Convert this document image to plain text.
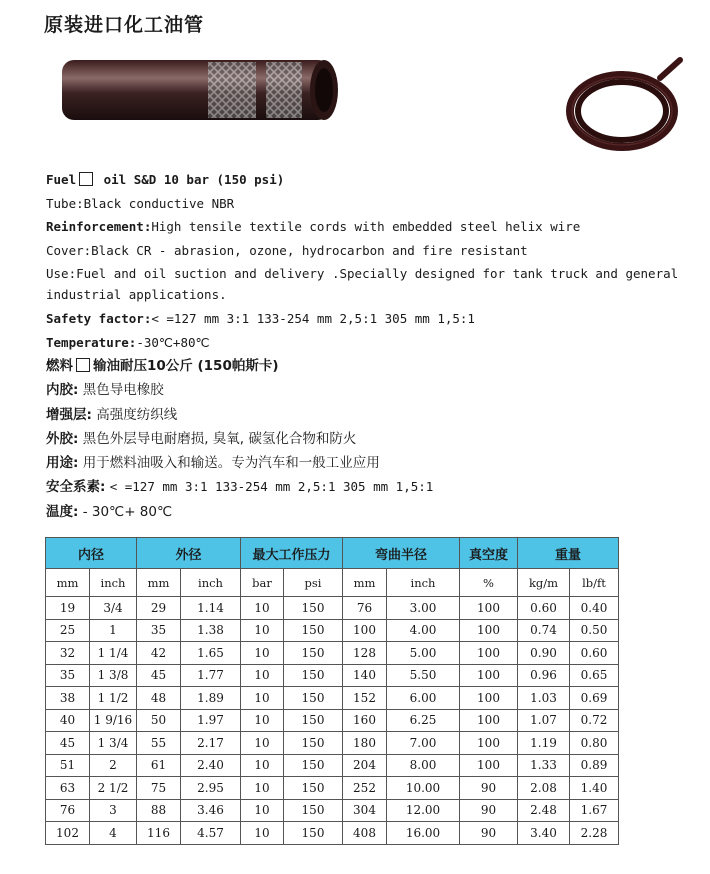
原装进口化工油管
Fuel oil S&D 10 bar (150 psi)
Tube:Black conductive NBR
Reinforcement:High tensile textile cords with embedded steel helix wire
Cover:Black CR - abrasion, ozone, hydrocarbon and fire resistant
Use:Fuel and oil suction and delivery .Specially designed for tank truck and general industrial applications.
Safety factor:< =127 mm 3:1 133-254 mm 2,5:1 305 mm 1,5:1
Temperature:-30℃+80℃
燃料 输油耐压10公斤 (150帕斯卡)
内胶: 黑色导电橡胶
增强层: 高强度纺织线
外胶: 黑色外层导电耐磨损, 臭氧, 碳氢化合物和防火
用途: 用于燃料油吸入和输送。专为汽车和一般工业应用
安全系素: < =127 mm 3:1 133-254 mm 2,5:1 305 mm 1,5:1
温度: - 30℃+ 80℃
内径		外径		最大工作压力		弯曲半径		真空度	重量	
mm	inch	mm	inch	bar	psi	mm	inch	%	kg/m	lb/ft
19	3/4	29	1.14	10	150	76	3.00	100	0.60	0.40
25	1	35	1.38	10	150	100	4.00	100	0.74	0.50
32	1 1/4	42	1.65	10	150	128	5.00	100	0.90	0.60
35	1 3/8	45	1.77	10	150	140	5.50	100	0.96	0.65
38	1 1/2	48	1.89	10	150	152	6.00	100	1.03	0.69
40	1 9/16	50	1.97	10	150	160	6.25	100	1.07	0.72
45	1 3/4	55	2.17	10	150	180	7.00	100	1.19	0.80
51	2	61	2.40	10	150	204	8.00	100	1.33	0.89
63	2 1/2	75	2.95	10	150	252	10.00	90	2.08	1.40
76	3	88	3.46	10	150	304	12.00	90	2.48	1.67
102	4	116	4.57	10	150	408	16.00	90	3.40	2.28
